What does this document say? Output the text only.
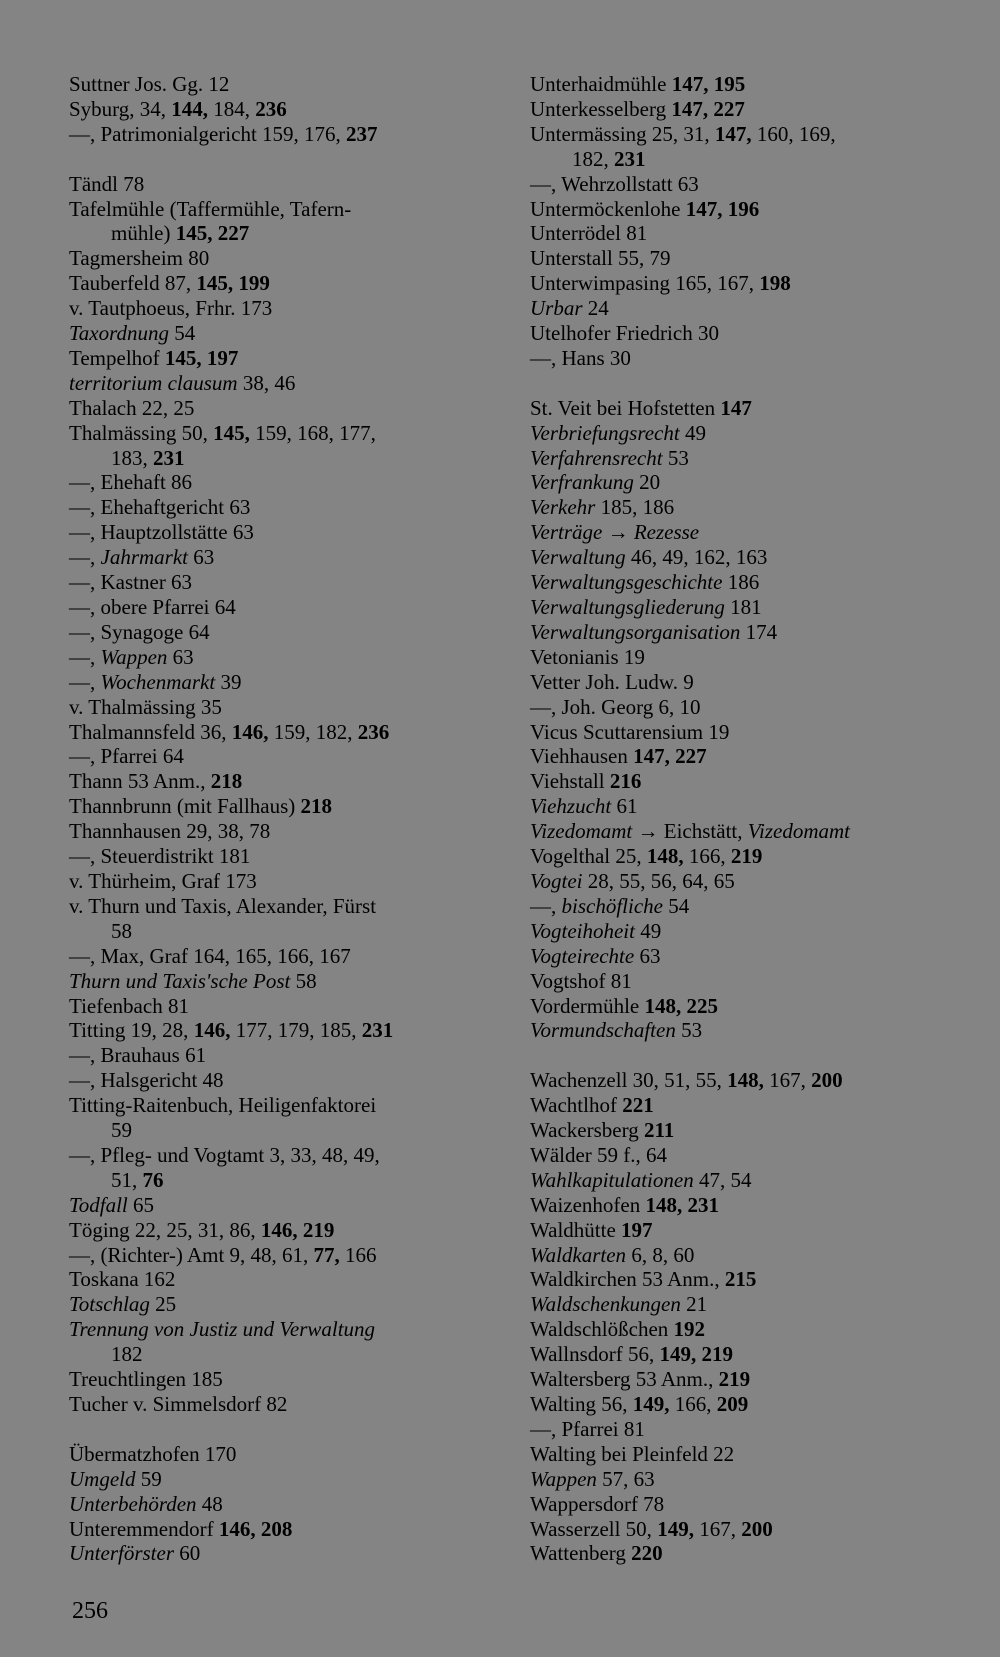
Suttner Jos. Gg. 12
Syburg, 34, 144, 184, 236
—, Patrimonialgericht 159, 176, 237
Tändl 78
Tafelmühle (Taffermühle, Tafern-
mühle) 145, 227
Tagmersheim 80
Tauberfeld 87, 145, 199
v. Tautphoeus, Frhr. 173
Taxordnung 54
Tempelhof 145, 197
territorium clausum 38, 46
Thalach 22, 25
Thalmässing 50, 145, 159, 168, 177,
183, 231
—, Ehehaft 86
—, Ehehaftgericht 63
—, Hauptzollstätte 63
—, Jahrmarkt 63
—, Kastner 63
—, obere Pfarrei 64
—, Synagoge 64
—, Wappen 63
—, Wochenmarkt 39
v. Thalmässing 35
Thalmannsfeld 36, 146, 159, 182, 236
—, Pfarrei 64
Thann 53 Anm., 218
Thannbrunn (mit Fallhaus) 218
Thannhausen 29, 38, 78
—, Steuerdistrikt 181
v. Thürheim, Graf 173
v. Thurn und Taxis, Alexander, Fürst
58
—, Max, Graf 164, 165, 166, 167
Thurn und Taxis'sche Post 58
Tiefenbach 81
Titting 19, 28, 146, 177, 179, 185, 231
—, Brauhaus 61
—, Halsgericht 48
Titting-Raitenbuch, Heiligenfaktorei
59
—, Pfleg- und Vogtamt 3, 33, 48, 49,
51, 76
Todfall 65
Töging 22, 25, 31, 86, 146, 219
—, (Richter-) Amt 9, 48, 61, 77, 166
Toskana 162
Totschlag 25
Trennung von Justiz und Verwaltung
182
Treuchtlingen 185
Tucher v. Simmelsdorf 82
Übermatzhofen 170
Umgeld 59
Unterbehörden 48
Unteremmendorf 146, 208
Unterförster 60
Unterhaidmühle 147, 195
Unterkesselberg 147, 227
Untermässing 25, 31, 147, 160, 169,
182, 231
—, Wehrzollstatt 63
Untermöckenlohe 147, 196
Unterrödel 81
Unterstall 55, 79
Unterwimpasing 165, 167, 198
Urbar 24
Utelhofer Friedrich 30
—, Hans 30
St. Veit bei Hofstetten 147
Verbriefungsrecht 49
Verfahrensrecht 53
Verfrankung 20
Verkehr 185, 186
Verträge → Rezesse
Verwaltung 46, 49, 162, 163
Verwaltungsgeschichte 186
Verwaltungsgliederung 181
Verwaltungsorganisation 174
Vetonianis 19
Vetter Joh. Ludw. 9
—, Joh. Georg 6, 10
Vicus Scuttarensium 19
Viehhausen 147, 227
Viehstall 216
Viehzucht 61
Vizedomamt → Eichstätt, Vizedomamt
Vogelthal 25, 148, 166, 219
Vogtei 28, 55, 56, 64, 65
—, bischöfliche 54
Vogteihoheit 49
Vogteirechte 63
Vogtshof 81
Vordermühle 148, 225
Vormundschaften 53
Wachenzell 30, 51, 55, 148, 167, 200
Wachtlhof 221
Wackersberg 211
Wälder 59 f., 64
Wahlkapitulationen 47, 54
Waizenhofen 148, 231
Waldhütte 197
Waldkarten 6, 8, 60
Waldkirchen 53 Anm., 215
Waldschenkungen 21
Waldschlößchen 192
Wallnsdorf 56, 149, 219
Waltersberg 53 Anm., 219
Walting 56, 149, 166, 209
—, Pfarrei 81
Walting bei Pleinfeld 22
Wappen 57, 63
Wappersdorf 78
Wasserzell 50, 149, 167, 200
Wattenberg 220
256
